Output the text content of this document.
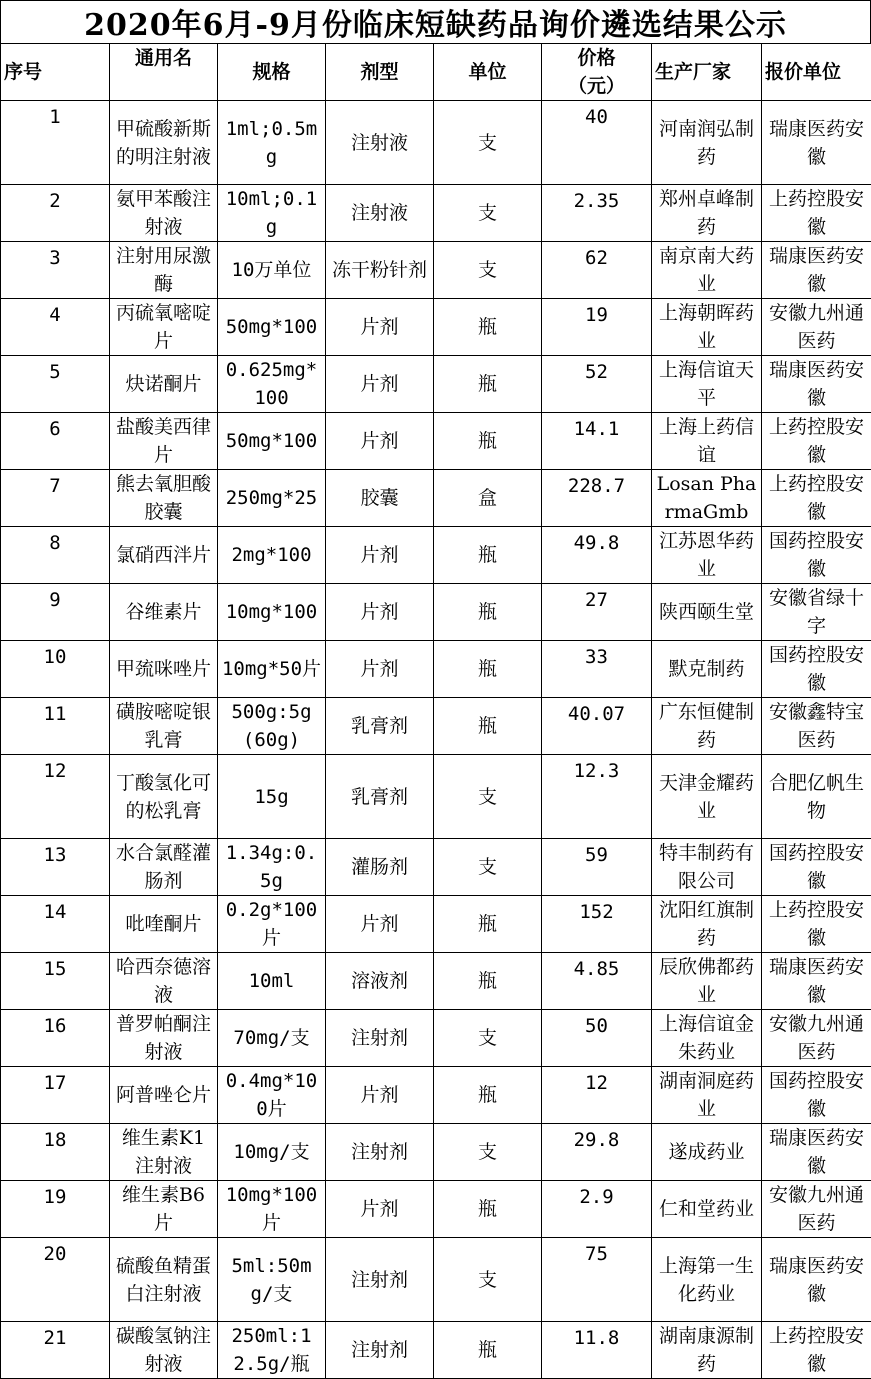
2020年6月-9月份临床短缺药品询价遴选结果公示
序号	通用名	规格	剂型	单位	价格（元）	生产厂家	报价单位
1	甲硫酸新斯的明注射液	1ml;0.5mg	注射液	支	40	河南润弘制药	瑞康医药安徽
2	氨甲苯酸注射液	10ml;0.1g	注射液	支	2.35	郑州卓峰制药	上药控股安徽
3	注射用尿激酶	10万单位	冻干粉针剂	支	62	南京南大药业	瑞康医药安徽
4	丙硫氧嘧啶片	50mg*100	片剂	瓶	19	上海朝晖药业	安徽九州通医药
5	炔诺酮片	0.625mg*100	片剂	瓶	52	上海信谊天平	瑞康医药安徽
6	盐酸美西律片	50mg*100	片剂	瓶	14.1	上海上药信谊	上药控股安徽
7	熊去氧胆酸胶囊	250mg*25	胶囊	盒	228.7	Losan PharmaGmb	上药控股安徽
8	氯硝西泮片	2mg*100	片剂	瓶	49.8	江苏恩华药业	国药控股安徽
9	谷维素片	10mg*100	片剂	瓶	27	陕西颐生堂	安徽省绿十字
10	甲巯咪唑片	10mg*50片	片剂	瓶	33	默克制药	国药控股安徽
11	磺胺嘧啶银乳膏	500g:5g(60g)	乳膏剂	瓶	40.07	广东恒健制药	安徽鑫特宝医药
12	丁酸氢化可的松乳膏	15g	乳膏剂	支	12.3	天津金耀药业	合肥亿帆生物
13	水合氯醛灌肠剂	1.34g:0.5g	灌肠剂	支	59	特丰制药有限公司	国药控股安徽
14	吡喹酮片	0.2g*100片	片剂	瓶	152	沈阳红旗制药	上药控股安徽
15	哈西奈德溶液	10ml	溶液剂	瓶	4.85	辰欣佛都药业	瑞康医药安徽
16	普罗帕酮注射液	70mg/支	注射剂	支	50	上海信谊金朱药业	安徽九州通医药
17	阿普唑仑片	0.4mg*100片	片剂	瓶	12	湖南洞庭药业	国药控股安徽
18	维生素K1注射液	10mg/支	注射剂	支	29.8	遂成药业	瑞康医药安徽
19	维生素B6片	10mg*100片	片剂	瓶	2.9	仁和堂药业	安徽九州通医药
20	硫酸鱼精蛋白注射液	5ml:50mg/支	注射剂	支	75	上海第一生化药业	瑞康医药安徽
21	碳酸氢钠注射液	250ml:12.5g/瓶	注射剂	瓶	11.8	湖南康源制药	上药控股安徽
